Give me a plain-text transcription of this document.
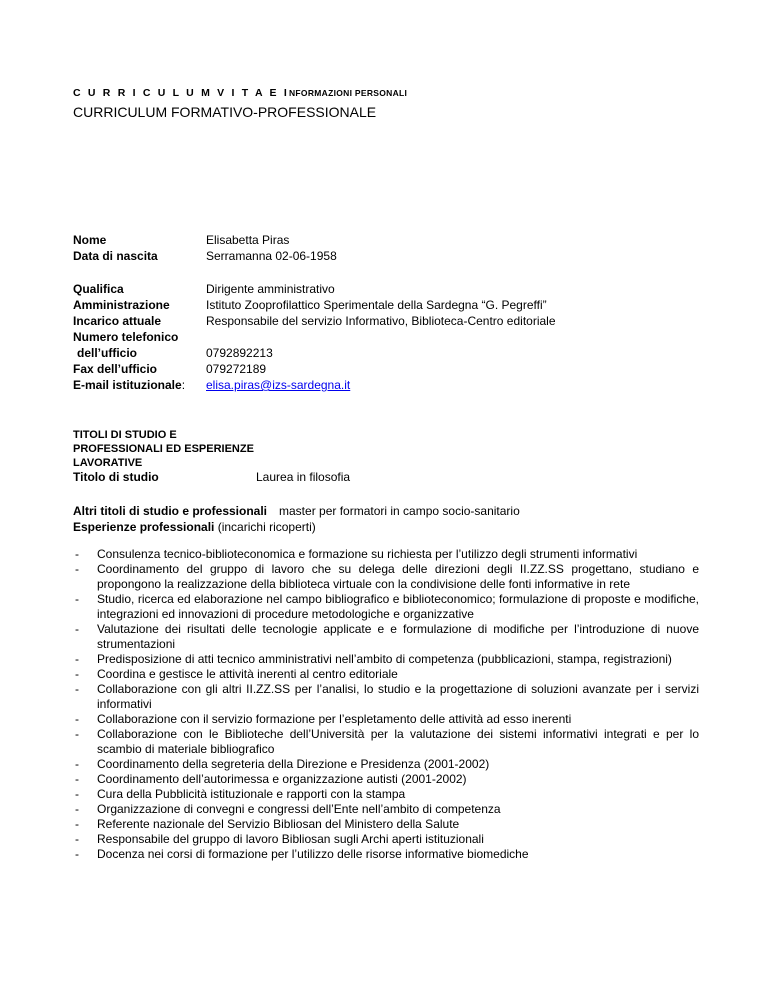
C U R R I C U L U M V I T A E INFORMAZIONI PERSONALI
CURRICULUM FORMATIVO-PROFESSIONALE
Nome	Elisabetta Piras
Data di nascita	Serramanna 02-06-1958
Qualifica	Dirigente amministrativo
Amministrazione	Istituto Zooprofilattico Sperimentale della Sardegna “G. Pegreffi”
Incarico attuale	Responsabile del servizio Informativo, Biblioteca-Centro editoriale
Numero telefonico
dell’ufficio	0792892213
Fax dell’ufficio	079272189
E-mail istituzionale:	elisa.piras@izs-sardegna.it
TITOLI DI STUDIO E
PROFESSIONALI ED ESPERIENZE
LAVORATIVE
Titolo di studio	Laurea in filosofia
Altri titoli di studio e professionali master per formatori in campo socio-sanitario
Esperienze professionali (incarichi ricoperti)
- Consulenza tecnico-biblioteconomica e formazione su richiesta per l’utilizzo degli strumenti informativi
- Coordinamento del gruppo di lavoro che su delega delle direzioni degli II.ZZ.SS progettano, studiano e propongono la realizzazione della biblioteca virtuale con la condivisione delle fonti informative in rete
- Studio, ricerca ed elaborazione nel campo bibliografico e biblioteconomico; formulazione di proposte e modifiche, integrazioni ed innovazioni di procedure metodologiche e organizzative
- Valutazione dei risultati delle tecnologie applicate e e formulazione di modifiche per l’introduzione di nuove strumentazioni
- Predisposizione di atti tecnico amministrativi nell’ambito di competenza (pubblicazioni, stampa, registrazioni)
- Coordina e gestisce le attività inerenti al centro editoriale
- Collaborazione con gli altri II.ZZ.SS per l’analisi, lo studio e la progettazione di soluzioni avanzate per i servizi informativi
- Collaborazione con il servizio formazione per l’espletamento delle attività ad esso inerenti
- Collaborazione con le Biblioteche dell’Università per la valutazione dei sistemi informativi integrati e per lo scambio di materiale bibliografico
- Coordinamento della segreteria della Direzione e Presidenza (2001-2002)
- Coordinamento dell’autorimessa e organizzazione autisti (2001-2002)
- Cura della Pubblicità istituzionale e rapporti con la stampa
- Organizzazione di convegni e congressi dell’Ente nell’ambito di competenza
- Referente nazionale del Servizio Bibliosan del Ministero della Salute
- Responsabile del gruppo di lavoro Bibliosan sugli Archi aperti istituzionali
- Docenza nei corsi di formazione per l’utilizzo delle risorse informative biomediche
